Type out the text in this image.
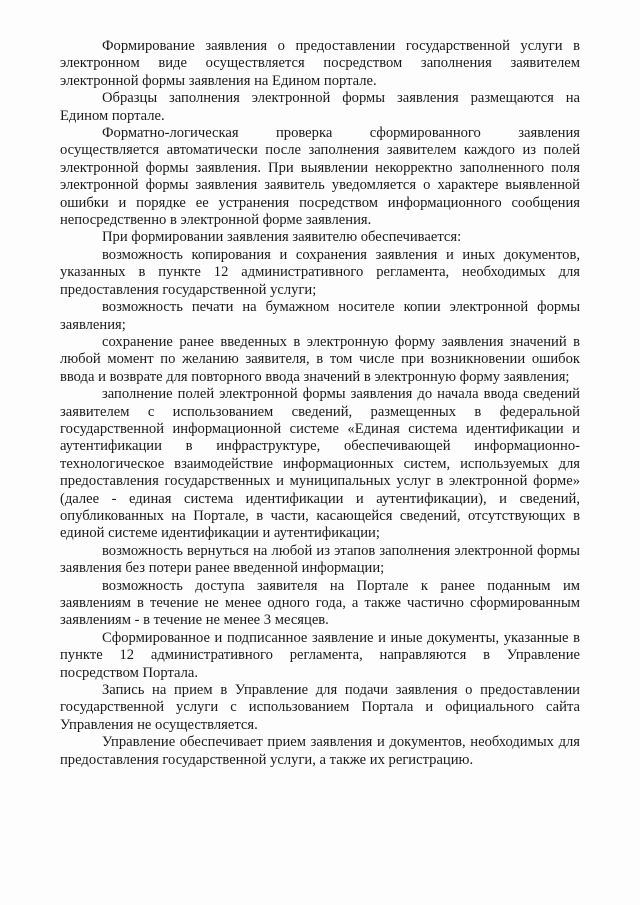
Формирование заявления о предоставлении государственной услуги в электронном виде осуществляется посредством заполнения заявителем электронной формы заявления на Едином портале.

Образцы заполнения электронной формы заявления размещаются на Едином портале.

Форматно-логическая проверка сформированного заявления осуществляется автоматически после заполнения заявителем каждого из полей электронной формы заявления. При выявлении некорректно заполненного поля электронной формы заявления заявитель уведомляется о характере выявленной ошибки и порядке ее устранения посредством информационного сообщения непосредственно в электронной форме заявления.

При формировании заявления заявителю обеспечивается:

возможность копирования и сохранения заявления и иных документов, указанных в пункте 12 административного регламента, необходимых для предоставления государственной услуги;

возможность печати на бумажном носителе копии электронной формы заявления;

сохранение ранее введенных в электронную форму заявления значений в любой момент по желанию заявителя, в том числе при возникновении ошибок ввода и возврате для повторного ввода значений в электронную форму заявления;

заполнение полей электронной формы заявления до начала ввода сведений заявителем с использованием сведений, размещенных в федеральной государственной информационной системе «Единая система идентификации и аутентификации в инфраструктуре, обеспечивающей информационно-технологическое взаимодействие информационных систем, используемых для предоставления государственных и муниципальных услуг в электронной форме» (далее - единая система идентификации и аутентификации), и сведений, опубликованных на Портале, в части, касающейся сведений, отсутствующих в единой системе идентификации и аутентификации;

возможность вернуться на любой из этапов заполнения электронной формы заявления без потери ранее введенной информации;

возможность доступа заявителя на Портале к ранее поданным им заявлениям в течение не менее одного года, а также частично сформированным заявлениям - в течение не менее 3 месяцев.

Сформированное и подписанное заявление и иные документы, указанные в пункте 12 административного регламента, направляются в Управление посредством Портала.

Запись на прием в Управление для подачи заявления о предоставлении государственной услуги с использованием Портала и официального сайта Управления не осуществляется.

Управление обеспечивает прием заявления и документов, необходимых для предоставления государственной услуги, а также их регистрацию.
